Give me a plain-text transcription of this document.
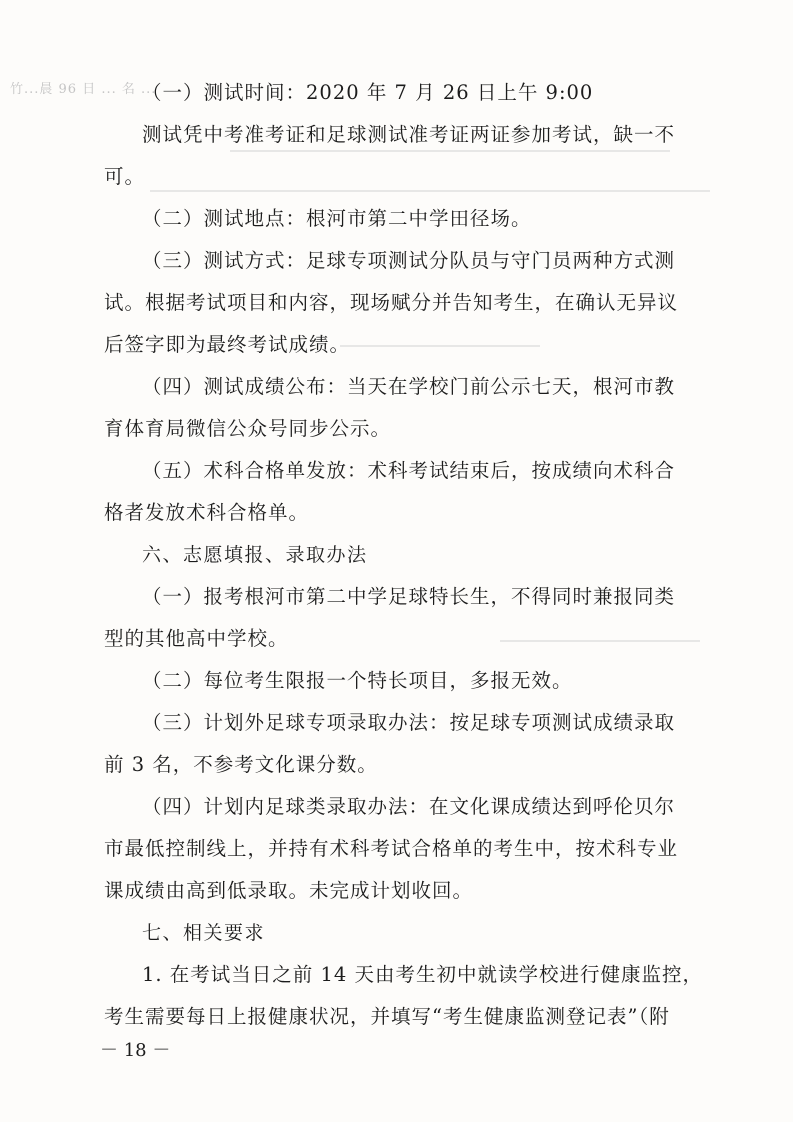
竹...晨 96 日 ... 名 ...
（一）测试时间：2020 年 7 月 26 日上午 9:00
测试凭中考准考证和足球测试准考证两证参加考试，缺一不
可。
（二）测试地点：根河市第二中学田径场。
（三）测试方式：足球专项测试分队员与守门员两种方式测
试。根据考试项目和内容，现场赋分并告知考生，在确认无异议
后签字即为最终考试成绩。
（四）测试成绩公布：当天在学校门前公示七天，根河市教
育体育局微信公众号同步公示。
（五）术科合格单发放：术科考试结束后，按成绩向术科合
格者发放术科合格单。
六、志愿填报、录取办法
（一）报考根河市第二中学足球特长生，不得同时兼报同类
型的其他高中学校。
（二）每位考生限报一个特长项目，多报无效。
（三）计划外足球专项录取办法：按足球专项测试成绩录取
前 3 名，不参考文化课分数。
（四）计划内足球类录取办法：在文化课成绩达到呼伦贝尔
市最低控制线上，并持有术科考试合格单的考生中，按术科专业
课成绩由高到低录取。未完成计划收回。
七、相关要求
1. 在考试当日之前 14 天由考生初中就读学校进行健康监控，
考生需要每日上报健康状况，并填写“考生健康监测登记表”（附
－ 18 －
